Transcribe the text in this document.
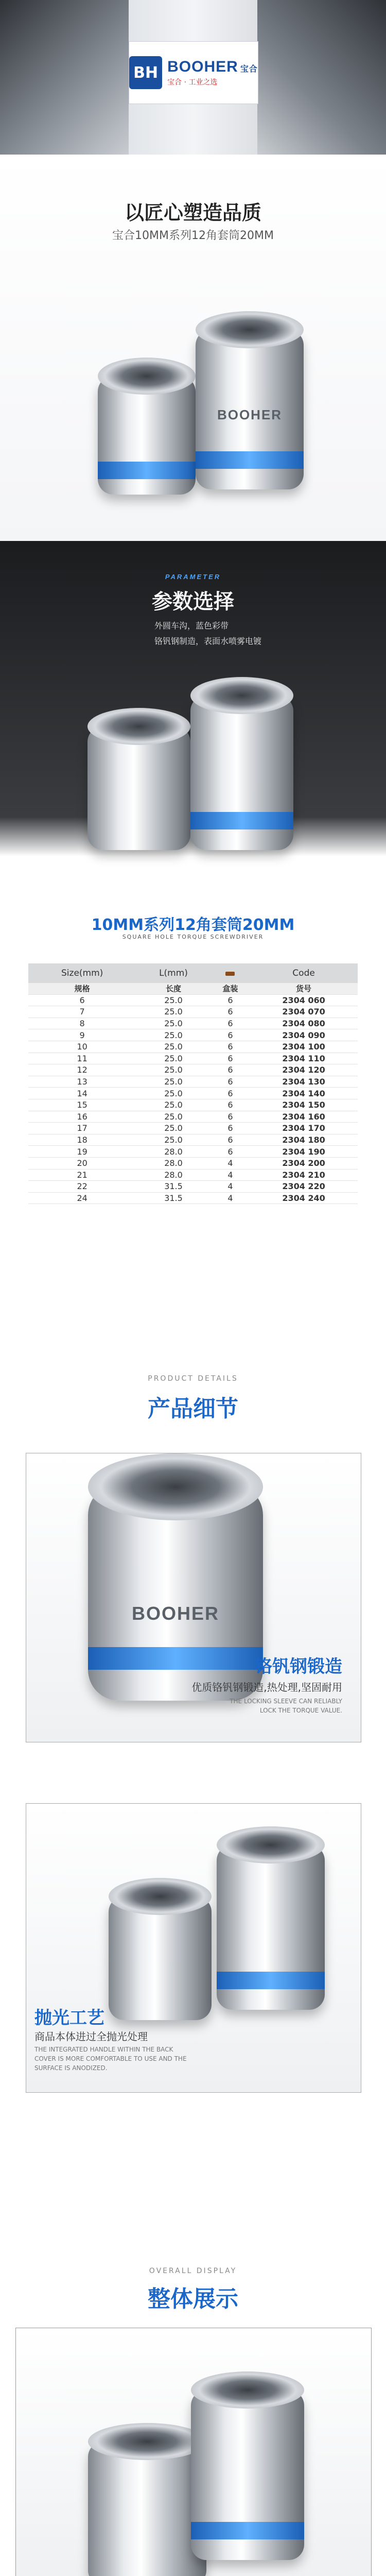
BH BOOHER 宝合
宝合 · 工业之选
以匠心塑造品质
宝合10MM系列12角套筒20MM
BOOHER
PARAMETER
参数选择
外圆车沟，蓝色彩带
铬钒钢制造，表面水喷雾电镀
10MM系列12角套筒20MM
SQUARE HOLE TORQUE SCREWDRIVER
Size(mm)	L(mm)		Code
规格	长度	盒装	货号
6	25.0	6	2304 060
7	25.0	6	2304 070
8	25.0	6	2304 080
9	25.0	6	2304 090
10	25.0	6	2304 100
11	25.0	6	2304 110
12	25.0	6	2304 120
13	25.0	6	2304 130
14	25.0	6	2304 140
15	25.0	6	2304 150
16	25.0	6	2304 160
17	25.0	6	2304 170
18	25.0	6	2304 180
19	28.0	6	2304 190
20	28.0	4	2304 200
21	28.0	4	2304 210
22	31.5	4	2304 220
24	31.5	4	2304 240
PRODUCT DETAILS
产品细节
BOOHER
铬钒钢锻造
优质铬钒钢锻造,热处理,坚固耐用
THE LOCKING SLEEVE CAN RELIABLY
LOCK THE TORQUE VALUE.
抛光工艺
商品本体进过全抛光处理
THE INTEGRATED HANDLE WITHIN THE BACK
COVER IS MORE COMFORTABLE TO USE AND THE
SURFACE IS ANODIZED.
OVERALL DISPLAY
整体展示
